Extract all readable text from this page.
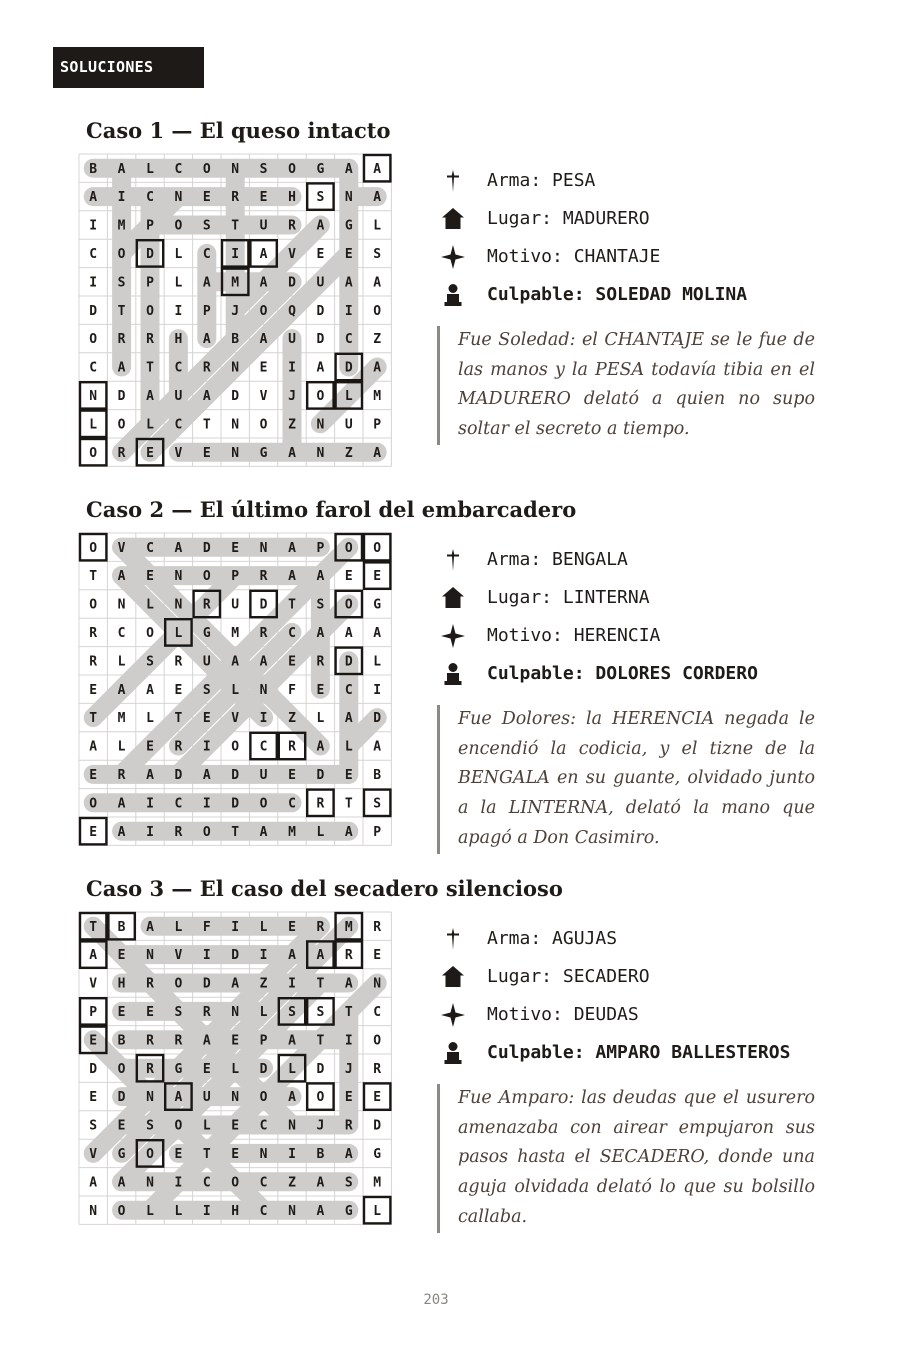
SOLUCIONES
Caso 1 — El queso intacto
B A L C O N S O G A A
A I C N E R E H S N A
I M P O S T U R A G L
C O D L C I A V E E S
I S P L A M A D U A A
D T O I P J O Q D I O
O R R H A B A U D C Z
C A T C R N E I A D A
N D A U A D V J O L M
L O L C T N O Z N U P
O R E V E N G A N Z A
Arma: PESA
Lugar: MADURERO
Motivo: CHANTAJE
Culpable: SOLEDAD MOLINA

Fue Soledad: el CHANTAJE se le fue de las manos y la PESA todavía tibia en el MADURERO delató a quien no supo soltar el secreto a tiempo.

Caso 2 — El último farol del embarcadero
O V C A D E N A P O O
T A E N O P R A A E E
O N L N R U D T S O G
R C O L G M R C A A A
R L S R U A A E R D L
E A A E S L N F E C I
T M L T E V I Z L A D
A L E R I O C R A L A
E R A D A D U E D E B
O A I C I D O C R T S
E A I R O T A M L A P
Arma: BENGALA
Lugar: LINTERNA
Motivo: HERENCIA
Culpable: DOLORES CORDERO

Fue Dolores: la HERENCIA negada le encendió la codicia, y el tizne de la BENGALA en su guante, olvidado junto a la LINTERNA, delató la mano que apagó a Don Casimiro.

Caso 3 — El caso del secadero silencioso
T B A L F I L E R M R
A E N V I D I A A R E
V H R O D A Z I T A N
P E E S R N L S S T C
E B R R A E P A T I O
D O R G E L D L D J R
E D N A U N O A O E E
S E S O L E C N J R D
V G O E T E N I B A G
A A N I C O C Z A S M
N O L L I H C N A G L
Arma: AGUJAS
Lugar: SECADERO
Motivo: DEUDAS
Culpable: AMPARO BALLESTEROS

Fue Amparo: las deudas que el usurero amenazaba con airear empujaron sus pasos hasta el SECADERO, donde una aguja olvidada delató lo que su bolsillo callaba.

203
